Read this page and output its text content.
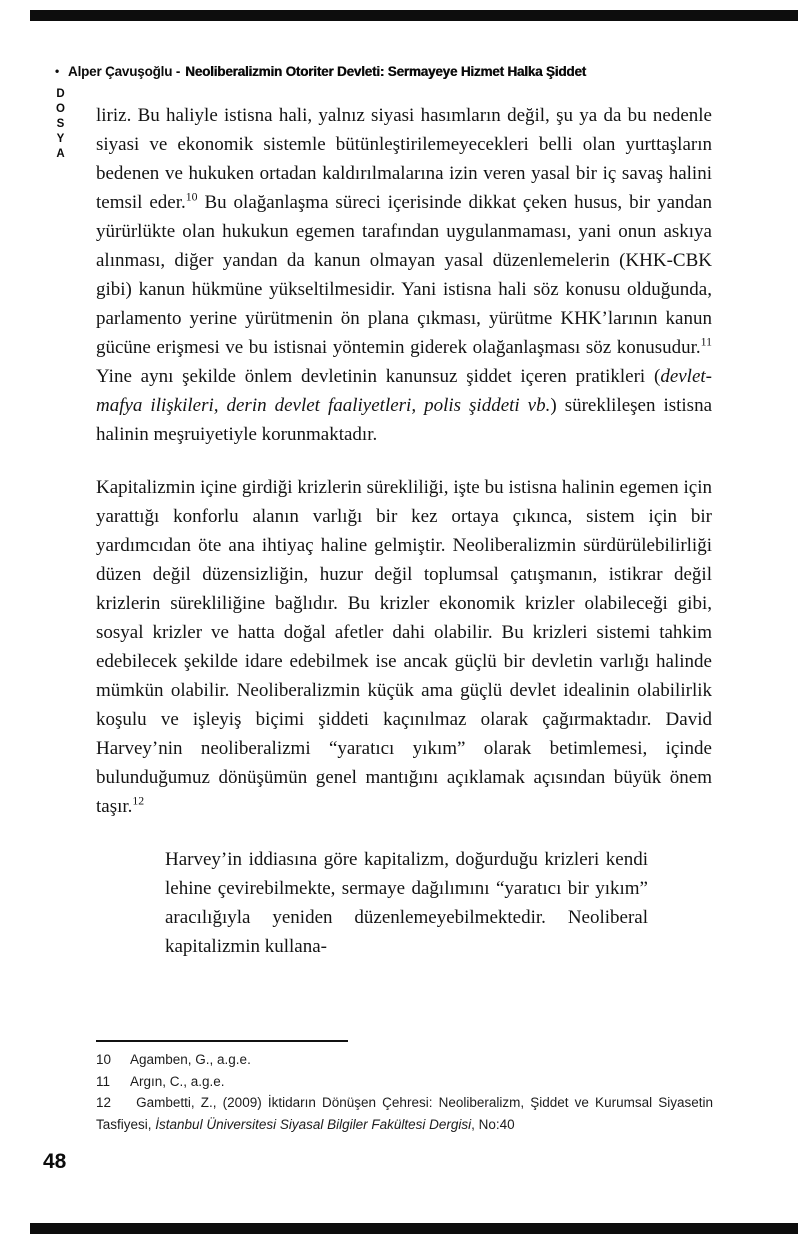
• Alper Çavuşoğlu - Neoliberalizmin Otoriter Devleti: Sermayeye Hizmet Halka Şiddet
D
O
S
Y
A

liriz. Bu haliyle istisna hali, yalnız siyasi hasımların değil, şu ya da bu nedenle siyasi ve ekonomik sistemle bütünleştirilemeyecekleri belli olan yurttaşların bedenen ve hukuken ortadan kaldırılmalarına izin veren yasal bir iç savaş halini temsil eder.$^{10}$ Bu olağanlaşma süreci içerisinde dikkat çeken husus, bir yandan yürürlükte olan hukukun egemen tarafından uygulanmaması, yani onun askıya alınması, diğer yandan da kanun olmayan yasal düzenlemelerin (KHK-CBK gibi) kanun hükmüne yükseltilmesidir. Yani istisna hali söz konusu olduğunda, parlamento yerine yürütmenin ön plana çıkması, yürütme KHK’larının kanun gücüne erişmesi ve bu istisnai yöntemin giderek olağanlaşması söz konusudur.$^{11}$ Yine aynı şekilde önlem devletinin kanunsuz şiddet içeren pratikleri (devlet-mafya ilişkileri, derin devlet faaliyetleri, polis şiddeti vb.) süreklileşen istisna halinin meşruiyetiyle korunmaktadır.

Kapitalizmin içine girdiği krizlerin sürekliliği, işte bu istisna halinin egemen için yarattığı konforlu alanın varlığı bir kez ortaya çıkınca, sistem için bir yardımcıdan öte ana ihtiyaç haline gelmiştir. Neoliberalizmin sürdürülebilirliği düzen değil düzensizliğin, huzur değil toplumsal çatışmanın, istikrar değil krizlerin sürekliliğine bağlıdır. Bu krizler ekonomik krizler olabileceği gibi, sosyal krizler ve hatta doğal afetler dahi olabilir. Bu krizleri sistemi tahkim edebilecek şekilde idare edebilmek ise ancak güçlü bir devletin varlığı halinde mümkün olabilir. Neoliberalizmin küçük ama güçlü devlet idealinin olabilirlik koşulu ve işleyiş biçimi şiddeti kaçınılmaz olarak çağırmaktadır. David Harvey’nin neoliberalizmi “yaratıcı yıkım” olarak betimlemesi, içinde bulunduğumuz dönüşümün genel mantığını açıklamak açısından büyük önem taşır.$^{12}$

Harvey’in iddiasına göre kapitalizm, doğurduğu krizleri kendi lehine çevirebilmekte, sermaye dağılımını “yaratıcı bir yıkım” aracılığıyla yeniden düzenlemeyebilmektedir. Neoliberal kapitalizmin kullana-
10 Agamben, G., a.g.e.
11 Argın, C., a.g.e.
12 Gambetti, Z., (2009) İktidarın Dönüşen Çehresi: Neoliberalizm, Şiddet ve Kurumsal Siyasetin Tasfiyesi, İstanbul Üniversitesi Siyasal Bilgiler Fakültesi Dergisi, No:40
48
